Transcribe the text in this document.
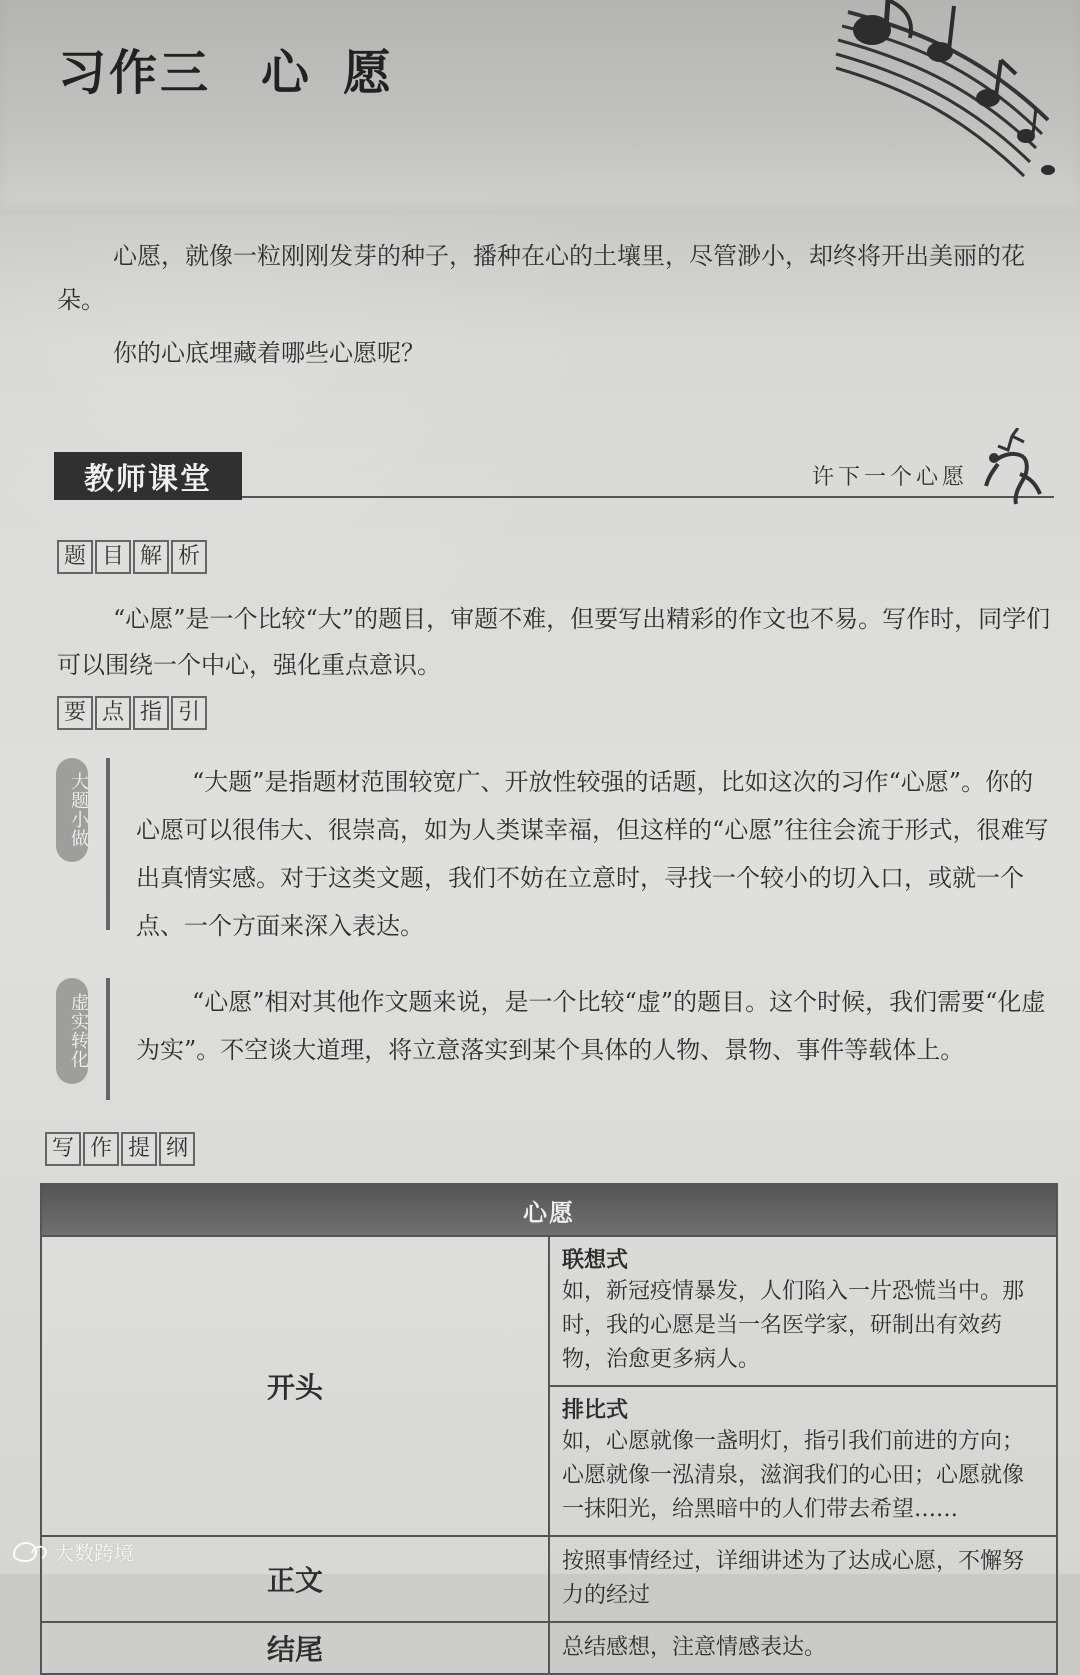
习作三 心愿

心愿，就像一粒刚刚发芽的种子，播种在心的土壤里，尽管渺小，却终将开出美丽的花朵。

你的心底埋藏着哪些心愿呢？
教师课堂	许下一个心愿
题 目 解 析

“心愿”是一个比较“大”的题目，审题不难，但要写出精彩的作文也不易。写作时，同学们可以围绕一个中心，强化重点意识。

要 点 指 引
大题小做	“大题”是指题材范围较宽广、开放性较强的话题，比如这次的习作“心愿”。你的心愿可以很伟大、很崇高，如为人类谋幸福，但这样的“心愿”往往会流于形式，很难写出真情实感。对于这类文题，我们不妨在立意时，寻找一个较小的切入口，或就一个点、一个方面来深入表达。

虚实转化	“心愿”相对其他作文题来说，是一个比较“虚”的题目。这个时候，我们需要“化虚为实”。不空谈大道理，将立意落实到某个具体的人物、景物、事件等载体上。

写 作 提 纲
心愿	
开头	联想式

如，新冠疫情暴发，人们陷入一片恐慌当中。那时，我的心愿是当一名医学家，研制出有效药物，治愈更多病人。

	排比式

如，心愿就像一盏明灯，指引我们前进的方向；心愿就像一泓清泉，滋润我们的心田；心愿就像一抹阳光，给黑暗中的人们带去希望……

正文	按照事情经过，详细讲述为了达成心愿，不懈努力的经过
结尾	总结感想，注意情感表达。
大数跨境
